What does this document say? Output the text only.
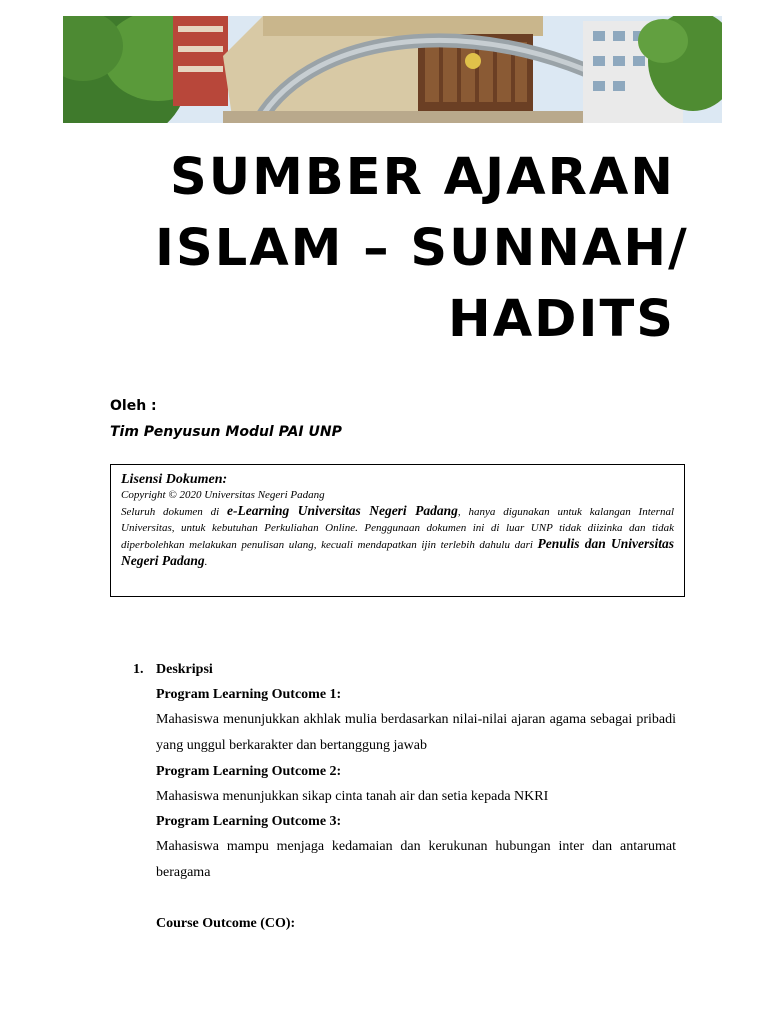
SUMBER AJARAN
ISLAM – SUNNAH/
HADITS
Oleh :
Tim Penyusun Modul PAI UNP
Lisensi Dokumen:
Copyright © 2020 Universitas Negeri Padang

Seluruh dokumen di e-Learning Universitas Negeri Padang, hanya digunakan untuk kalangan Internal Universitas, untuk kebutuhan Perkuliahan Online. Penggunaan dokumen ini di luar UNP tidak diizinka dan tidak diperbolehkan melakukan penulisan ulang, kecuali mendapatkan ijin terlebih dahulu dari Penulis dan Universitas Negeri Padang.

1. Deskripsi
Program Learning Outcome 1:

Mahasiswa menunjukkan akhlak mulia berdasarkan nilai-nilai ajaran agama sebagai pribadi yang unggul berkarakter dan bertanggung jawab

Program Learning Outcome 2:

Mahasiswa menunjukkan sikap cinta tanah air dan setia kepada NKRI

Program Learning Outcome 3:

Mahasiswa mampu menjaga kedamaian dan kerukunan hubungan inter dan antarumat beragama

Course Outcome (CO):
